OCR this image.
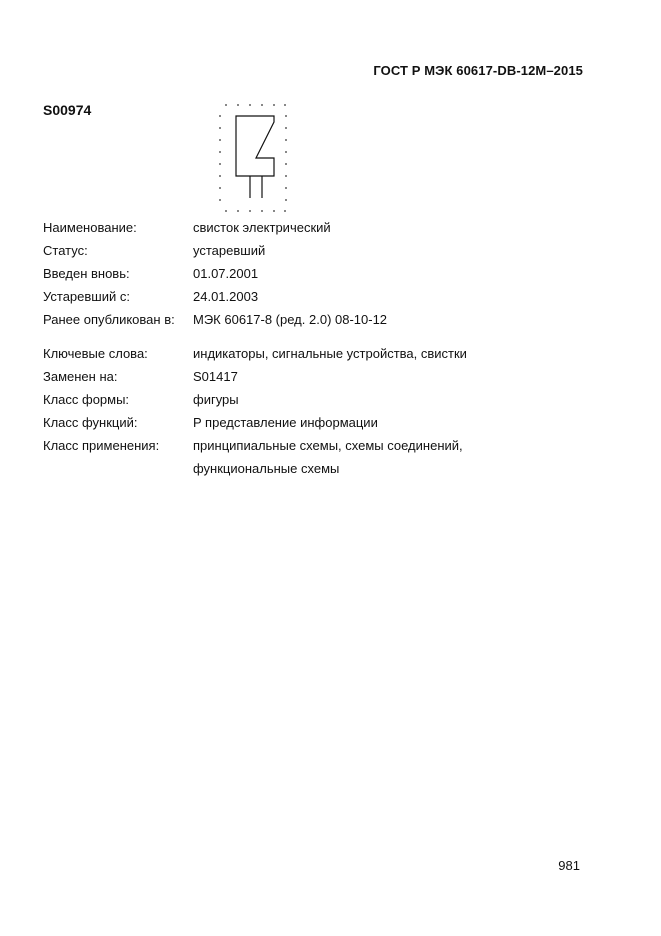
ГОСТ Р МЭК 60617-DB-12M–2015
S00974
Наименование:	свисток электрический
Статус:	устаревший
Введен вновь:	01.07.2001
Устаревший с:	24.01.2003
Ранее опубликован в:	МЭК 60617-8 (ред. 2.0) 08-10-12
Ключевые слова:	индикаторы, сигнальные устройства, свистки
Заменен на:	S01417
Класс формы:	фигуры
Класс функций:	P представление информации
Класс применения:	принципиальные схемы, схемы соединений,
функциональные схемы
981
